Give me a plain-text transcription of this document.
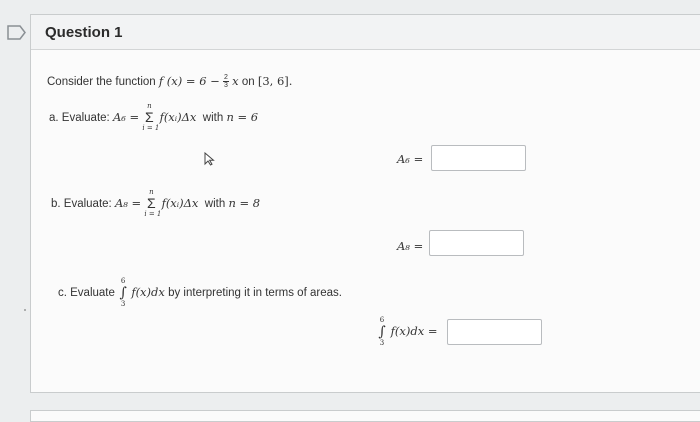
Question 1
Consider the function f $(x) = 6 - \frac{2}{3}$ x on [3, 6].
a. Evaluate: A₆ =
n
Σ
i = 1
f(xᵢ)Δx with n = 6
A₆ =
b. Evaluate: A₈ =
n
Σ
i = 1
f(xᵢ)Δx with n = 8
A₈ =
c. Evaluate
6
∫
3
f(x)dx by interpreting it in terms of areas.
6
∫
3
f(x)dx =
